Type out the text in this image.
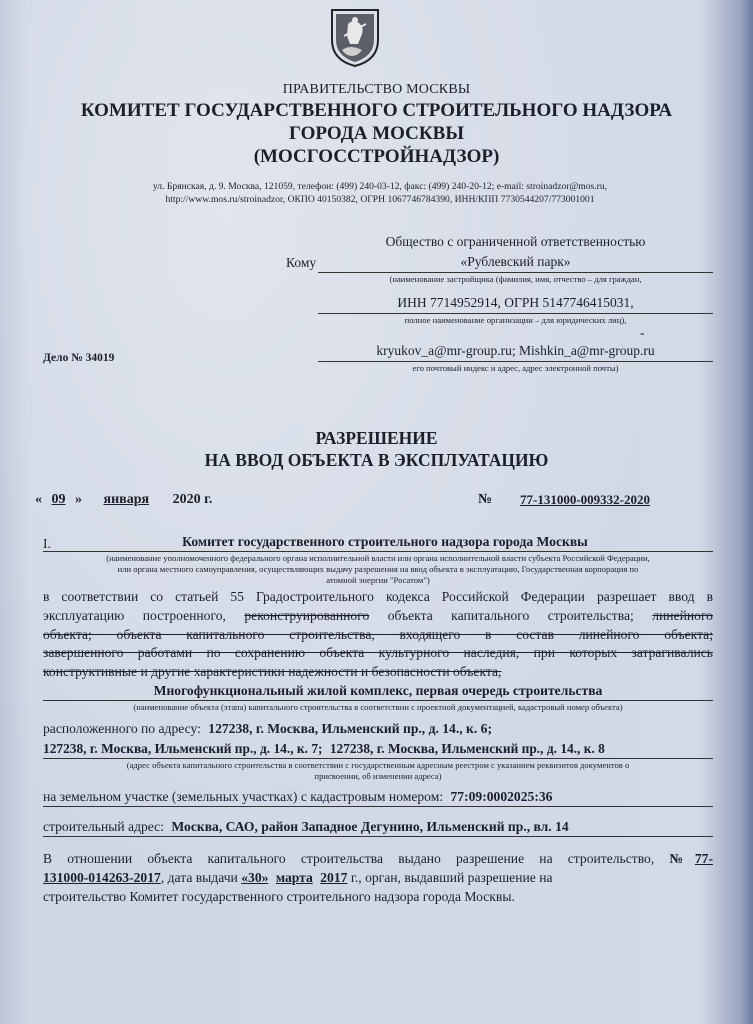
ПРАВИТЕЛЬСТВО МОСКВЫ
КОМИТЕТ ГОСУДАРСТВЕННОГО СТРОИТЕЛЬНОГО НАДЗОРА
ГОРОДА МОСКВЫ
(МОСГОССТРОЙНАДЗОР)
ул. Брянская, д. 9. Москва, 121059, телефон: (499) 240-03-12, факс: (499) 240-20-12; e-mail: stroinadzor@mos.ru,
http://www.mos.ru/stroinadzor, ОКПО 40150382, ОГРН 1067746784390, ИНН/КПП 7730544207/773001001
Кому
Общество с ограниченной ответственностью
«Рублевский парк»
(наименование застройщика (фамилия, имя, отчество – для граждан,
ИНН 7714952914, ОГРН 5147746415031,
полное наименование организации – для юридических лиц),
-
kryukov_a@mr-group.ru; Mishkin_a@mr-group.ru
его почтовый индекс и адрес, адрес электронной почты)
Дело № 34019
РАЗРЕШЕНИЕ
НА ВВОД ОБЪЕКТА В ЭКСПЛУАТАЦИЮ
« 09 » января 2020 г.	№ 77-131000-009332-2020
I.	Комитет государственного строительного надзора города Москвы
(наименование уполномоченного федерального органа исполнительной власти или органа исполнительной власти субъекта Российской Федерации,
или органа местного самоуправления, осуществляющих выдачу разрешения на ввод объекта в эксплуатацию, Государственная корпорация по
атомной энергии "Росатом")
в соответствии со статьей 55 Градостроительного кодекса Российской Федерации разрешает ввод в
эксплуатацию построенного, реконструированного объекта капитального строительства; линейного
объекта; объекта капитального строительства, входящего в состав линейного объекта;
завершенного работами по сохранению объекта культурного наследия, при которых затрагивались
конструктивные и другие характеристики надежности и безопасности объекта,
Многофункциональный жилой комплекс, первая очередь строительства
(наименование объекта (этапа) капитального строительства в соответствии с проектной документацией, кадастровый номер объекта)
расположенного по адресу: 127238, г. Москва, Ильменский пр., д. 14., к. 6;
127238, г. Москва, Ильменский пр., д. 14., к. 7; 127238, г. Москва, Ильменский пр., д. 14., к. 8
(адрес объекта капитального строительства в соответствии с государственным адресным реестром с указанием реквизитов документов о
присвоении, об изменении адреса)
на земельном участке (земельных участках) с кадастровым номером: 77:09:0002025:36
строительный адрес: Москва, САО, район Западное Дегунино, Ильменский пр., вл. 14
В отношении объекта капитального строительства выдано разрешение на строительство, №77-
131000-014263-2017, дата выдачи «30» марта 2017 г., орган, выдавший разрешение на
строительство Комитет государственного строительного надзора города Москвы.
